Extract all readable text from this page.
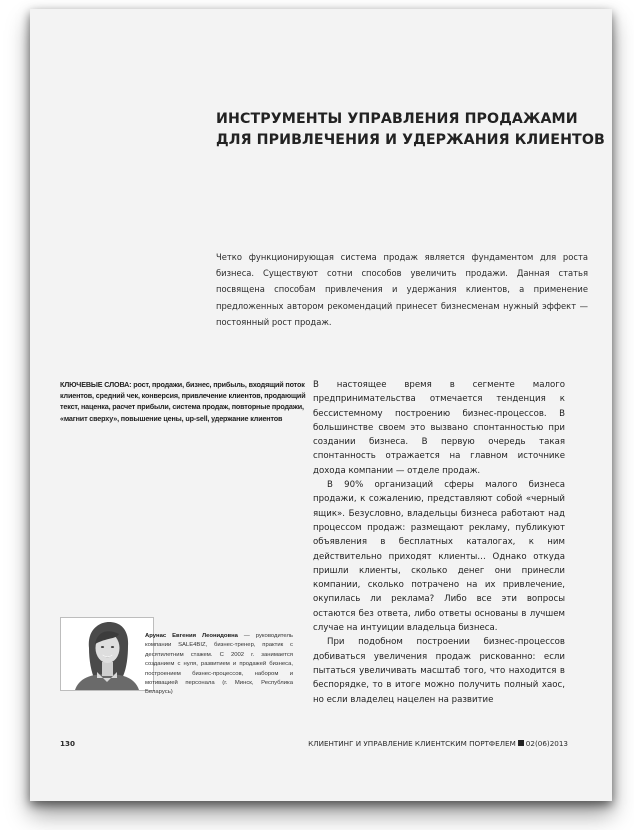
ИНСТРУМЕНТЫ УПРАВЛЕНИЯ ПРОДАЖАМИ
ДЛЯ ПРИВЛЕЧЕНИЯ И УДЕРЖАНИЯ КЛИЕНТОВ

Четко функционирующая система продаж является фундаментом для роста бизнеса. Существуют сотни способов увеличить продажи. Данная статья посвящена способам привлечения и удержания клиентов, а применение предложенных автором рекомендаций принесет бизнесменам нужный эффект — постоянный рост продаж.

КЛЮЧЕВЫЕ СЛОВА: рост, продажи, бизнес, прибыль, входящий поток клиентов, средний чек, конверсия, привлечение клиентов, продающий текст, наценка, расчет прибыли, система продаж, повторные продажи, «магнит сверху», повышение цены, up-sell, удержание клиентов

В настоящее время в сегменте малого предпринимательства отмечается тенденция к бессистемному построению бизнес-процессов. В большинстве своем это вызвано спонтанностью при создании бизнеса. В первую очередь такая спонтанность отражается на главном источнике дохода компании — отделе продаж.

В 90% организаций сферы малого бизнеса продажи, к сожалению, представляют собой «черный ящик». Безусловно, владельцы бизнеса работают над процессом продаж: размещают рекламу, публикуют объявления в бесплатных каталогах, к ним действительно приходят клиенты… Однако откуда пришли клиенты, сколько денег они принесли компании, сколько потрачено на их привлечение, окупилась ли реклама? Либо все эти вопросы остаются без ответа, либо ответы основаны в лучшем случае на интуиции владельца бизнеса.

При подобном построении бизнес-процессов добиваться увеличения продаж рискованно: если пытаться увеличивать масштаб того, что находится в беспорядке, то в итоге можно получить полный хаос, но если владелец нацелен на развитие

Арунас Евгения Леонидовна — руководитель компании SALE4BIZ, бизнес-тренер, практик с десятилетним стажем. С 2002 г. занимается созданием с нуля, развитием и продажей бизнеса, построением бизнес-процессов, набором и мотивацией персонала (г. Минск, Республика Беларусь)

130	КЛИЕНТИНГ И УПРАВЛЕНИЕ КЛИЕНТСКИМ ПОРТФЕЛЕМ 02(06)2013
